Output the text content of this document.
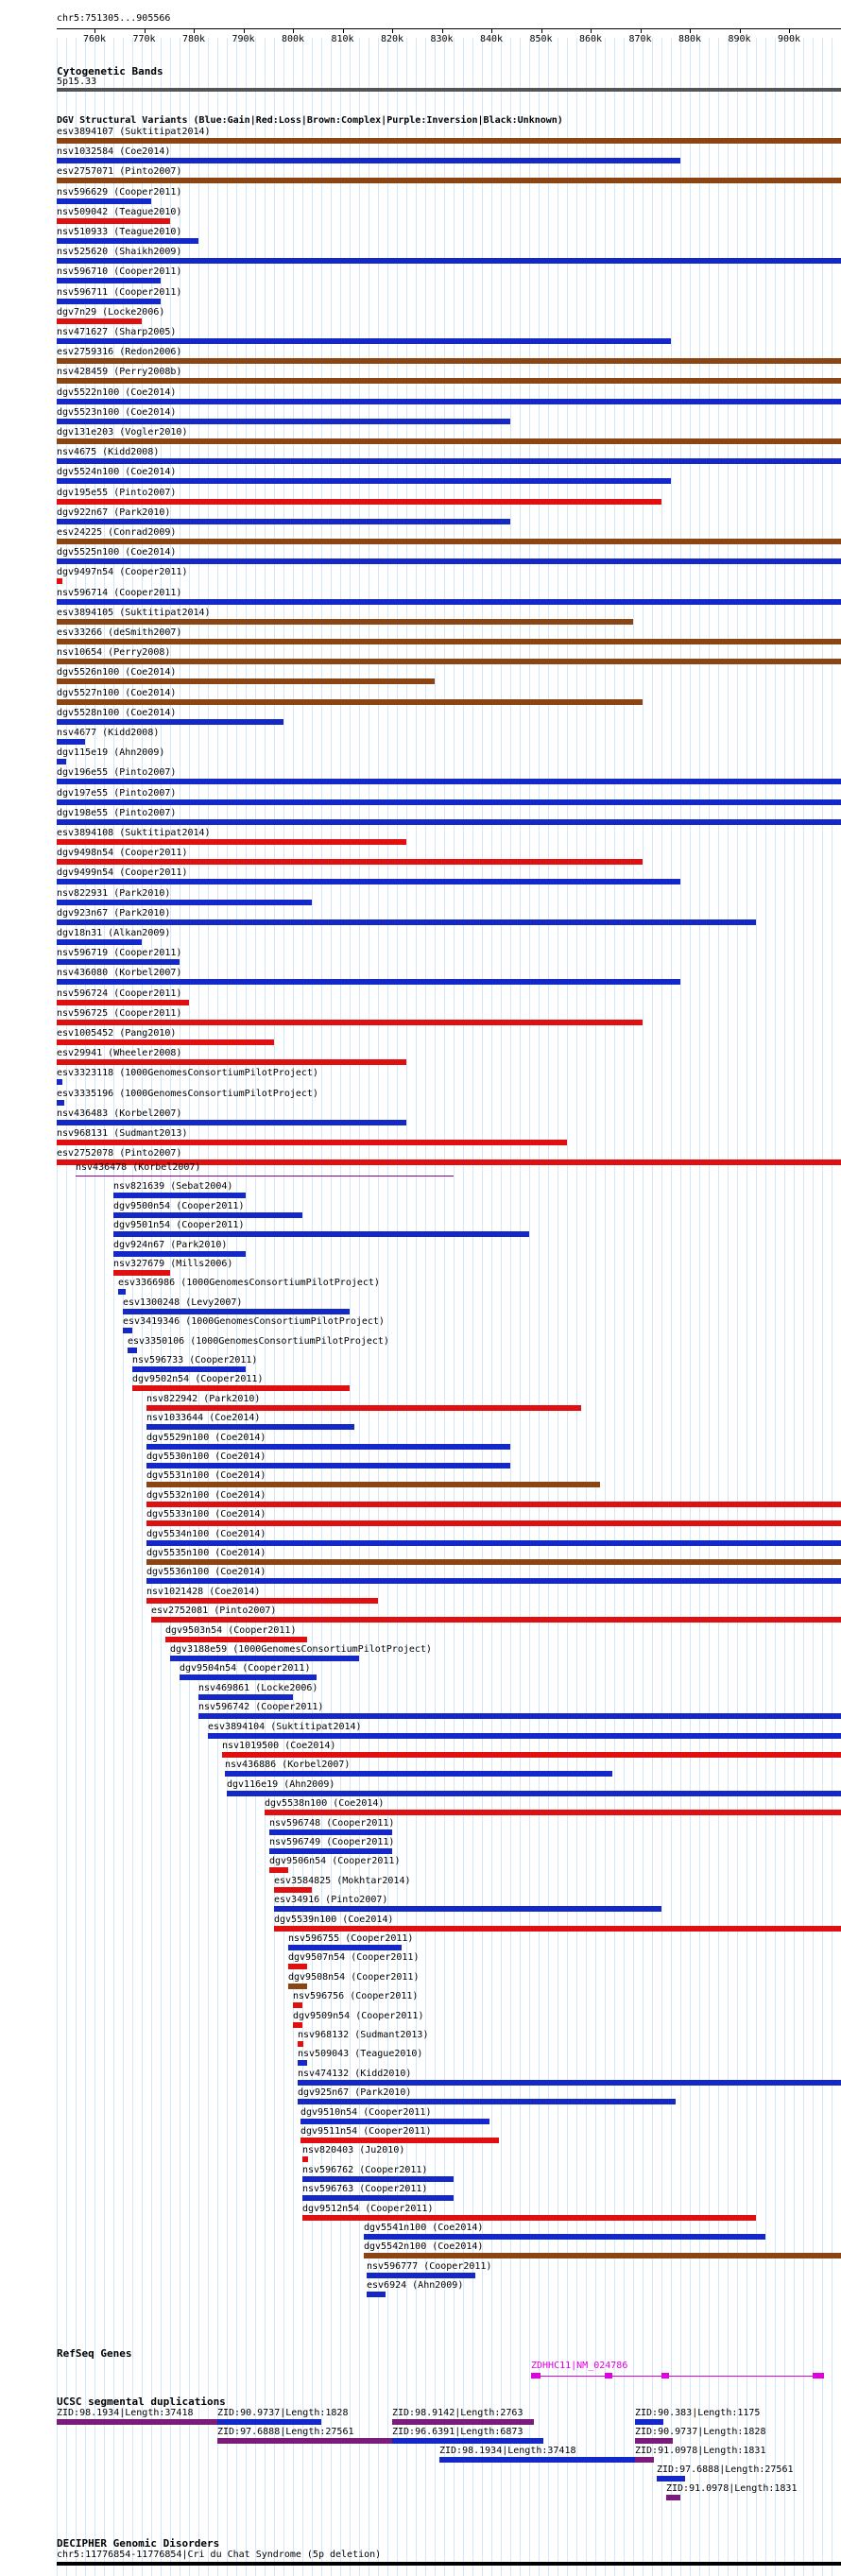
chr5:751305...905566
760k	770k	780k	790k	800k	810k	820k	830k	840k	850k	860k	870k	880k	890k	900k
Cytogenetic Bands
5p15.33
DGV Structural Variants (Blue:Gain|Red:Loss|Brown:Complex|Purple:Inversion|Black:Unknown)
esv3894107 (Suktitipat2014)
nsv1032584 (Coe2014)
esv2757071 (Pinto2007)
nsv596629 (Cooper2011)
nsv509042 (Teague2010)
nsv510933 (Teague2010)
nsv525620 (Shaikh2009)
nsv596710 (Cooper2011)
nsv596711 (Cooper2011)
dgv7n29 (Locke2006)
nsv471627 (Sharp2005)
esv2759316 (Redon2006)
nsv428459 (Perry2008b)
dgv5522n100 (Coe2014)
dgv5523n100 (Coe2014)
dgv131e203 (Vogler2010)
nsv4675 (Kidd2008)
dgv5524n100 (Coe2014)
dgv195e55 (Pinto2007)
dgv922n67 (Park2010)
esv24225 (Conrad2009)
dgv5525n100 (Coe2014)
dgv9497n54 (Cooper2011)
nsv596714 (Cooper2011)
esv3894105 (Suktitipat2014)
esv33266 (deSmith2007)
nsv10654 (Perry2008)
dgv5526n100 (Coe2014)
dgv5527n100 (Coe2014)
dgv5528n100 (Coe2014)
nsv4677 (Kidd2008)
dgv115e19 (Ahn2009)
dgv196e55 (Pinto2007)
dgv197e55 (Pinto2007)
dgv198e55 (Pinto2007)
esv3894108 (Suktitipat2014)
dgv9498n54 (Cooper2011)
dgv9499n54 (Cooper2011)
nsv822931 (Park2010)
dgv923n67 (Park2010)
dgv18n31 (Alkan2009)
nsv596719 (Cooper2011)
nsv436080 (Korbel2007)
nsv596724 (Cooper2011)
nsv596725 (Cooper2011)
esv1005452 (Pang2010)
esv29941 (Wheeler2008)
esv3323118 (1000GenomesConsortiumPilotProject)
esv3335196 (1000GenomesConsortiumPilotProject)
nsv436483 (Korbel2007)
nsv968131 (Sudmant2013)
esv2752078 (Pinto2007)
nsv436478 (Korbel2007)
nsv821639 (Sebat2004)
dgv9500n54 (Cooper2011)
dgv9501n54 (Cooper2011)
dgv924n67 (Park2010)
nsv327679 (Mills2006)
esv3366986 (1000GenomesConsortiumPilotProject)
esv1300248 (Levy2007)
esv3419346 (1000GenomesConsortiumPilotProject)
esv3350106 (1000GenomesConsortiumPilotProject)
nsv596733 (Cooper2011)
dgv9502n54 (Cooper2011)
nsv822942 (Park2010)
nsv1033644 (Coe2014)
dgv5529n100 (Coe2014)
dgv5530n100 (Coe2014)
dgv5531n100 (Coe2014)
dgv5532n100 (Coe2014)
dgv5533n100 (Coe2014)
dgv5534n100 (Coe2014)
dgv5535n100 (Coe2014)
dgv5536n100 (Coe2014)
nsv1021428 (Coe2014)
esv2752081 (Pinto2007)
dgv9503n54 (Cooper2011)
dgv3188e59 (1000GenomesConsortiumPilotProject)
dgv9504n54 (Cooper2011)
nsv469861 (Locke2006)
nsv596742 (Cooper2011)
esv3894104 (Suktitipat2014)
nsv1019500 (Coe2014)
nsv436886 (Korbel2007)
dgv116e19 (Ahn2009)
dgv5538n100 (Coe2014)
nsv596748 (Cooper2011)
nsv596749 (Cooper2011)
dgv9506n54 (Cooper2011)
esv3584825 (Mokhtar2014)
esv34916 (Pinto2007)
dgv5539n100 (Coe2014)
nsv596755 (Cooper2011)
dgv9507n54 (Cooper2011)
dgv9508n54 (Cooper2011)
nsv596756 (Cooper2011)
dgv9509n54 (Cooper2011)
nsv968132 (Sudmant2013)
nsv509043 (Teague2010)
nsv474132 (Kidd2010)
dgv925n67 (Park2010)
dgv9510n54 (Cooper2011)
dgv9511n54 (Cooper2011)
nsv820403 (Ju2010)
nsv596762 (Cooper2011)
nsv596763 (Cooper2011)
dgv9512n54 (Cooper2011)
dgv5541n100 (Coe2014)
dgv5542n100 (Coe2014)
nsv596777 (Cooper2011)
esv6924 (Ahn2009)
RefSeq Genes
ZDHHC11|NM_024786
UCSC segmental duplications
ZID:98.1934|Length:37418	ZID:90.9737|Length:1828	ZID:98.9142|Length:2763	ZID:90.383|Length:1175
ZID:97.6888|Length:27561	ZID:96.6391|Length:6873	ZID:90.9737|Length:1828
ZID:98.1934|Length:37418	ZID:91.0978|Length:1831
ZID:97.6888|Length:27561
ZID:91.0978|Length:1831
DECIPHER Genomic Disorders
chr5:11776854-11776854|Cri du Chat Syndrome (5p deletion)
